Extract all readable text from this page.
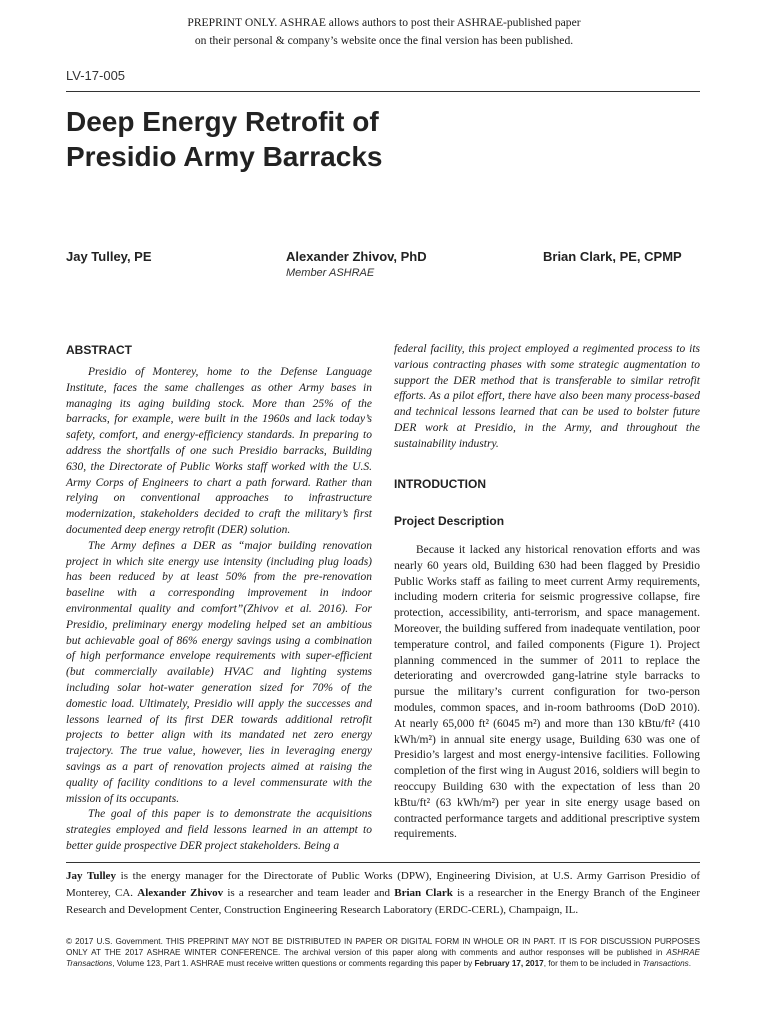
PREPRINT ONLY. ASHRAE allows authors to post their ASHRAE-published paper
on their personal & company’s website once the final version has been published.
LV-17-005
Deep Energy Retrofit of
Presidio Army Barracks
Jay Tulley, PE	Alexander Zhivov, PhD
Member ASHRAE
Brian Clark, PE, CPMP
ABSTRACT

Presidio of Monterey, home to the Defense Language Institute, faces the same challenges as other Army bases in managing its aging building stock. More than 25% of the barracks, for example, were built in the 1960s and lack today’s safety, comfort, and energy-efficiency standards. In preparing to address the shortfalls of one such Presidio barracks, Building 630, the Directorate of Public Works staff worked with the U.S. Army Corps of Engineers to chart a path forward. Rather than relying on conventional approaches to infrastructure modernization, stakeholders decided to craft the military’s first documented deep energy retrofit (DER) solution.

The Army defines a DER as “major building renovation project in which site energy use intensity (including plug loads) has been reduced by at least 50% from the pre-renovation baseline with a corresponding improvement in indoor environmental quality and comfort”(Zhivov et al. 2016). For Presidio, preliminary energy modeling helped set an ambitious but achievable goal of 86% energy savings using a combination of high performance envelope requirements with super-efficient (but commercially available) HVAC and lighting systems including solar hot-water generation sized for 70% of the domestic load. Ultimately, Presidio will apply the successes and lessons learned of its first DER towards additional retrofit projects to better align with its mandated net zero energy trajectory. The true value, however, lies in leveraging energy savings as a part of renovation projects aimed at raising the quality of facility conditions to a level commensurate with the mission of its occupants.

The goal of this paper is to demonstrate the acquisitions strategies employed and field lessons learned in an attempt to better guide prospective DER project stakeholders. Being a

federal facility, this project employed a regimented process to its various contracting phases with some strategic augmentation to support the DER method that is transferable to similar retrofit efforts. As a pilot effort, there have also been many process-based and technical lessons learned that can be used to bolster future DER work at Presidio, in the Army, and throughout the sustainability industry.

INTRODUCTION
Project Description

Because it lacked any historical renovation efforts and was nearly 60 years old, Building 630 had been flagged by Presidio Public Works staff as failing to meet current Army requirements, including modern criteria for seismic progressive collapse, fire protection, accessibility, anti-terrorism, and space management. Moreover, the building suffered from inadequate ventilation, poor temperature control, and failed components (Figure 1). Project planning commenced in the summer of 2011 to replace the deteriorating and overcrowded gang-latrine style barracks to pursue the military’s current configuration for two-person modules, common spaces, and in-room bathrooms (DoD 2010). At nearly 65,000 ft² (6045 m²) and more than 130 kBtu/ft² (410 kWh/m²) in annual site energy usage, Building 630 was one of Presidio’s largest and most energy-intensive facilities. Following completion of the first wing in August 2016, soldiers will begin to reoccupy Building 630 with the expectation of less than 20 kBtu/ft² (63 kWh/m²) per year in site energy usage based on contracted performance targets and additional prescriptive system requirements.

Jay Tulley is the energy manager for the Directorate of Public Works (DPW), Engineering Division, at U.S. Army Garrison Presidio of Monterey, CA. Alexander Zhivov is a researcher and team leader and Brian Clark is a researcher in the Energy Branch of the Engineer Research and Development Center, Construction Engineering Research Laboratory (ERDC-CERL), Champaign, IL.
© 2017 U.S. Government. THIS PREPRINT MAY NOT BE DISTRIBUTED IN PAPER OR DIGITAL FORM IN WHOLE OR IN PART. IT IS FOR DISCUSSION PURPOSES ONLY AT THE 2017 ASHRAE WINTER CONFERENCE. The archival version of this paper along with comments and author responses will be published in ASHRAE Transactions, Volume 123, Part 1. ASHRAE must receive written questions or comments regarding this paper by February 17, 2017, for them to be included in Transactions.
